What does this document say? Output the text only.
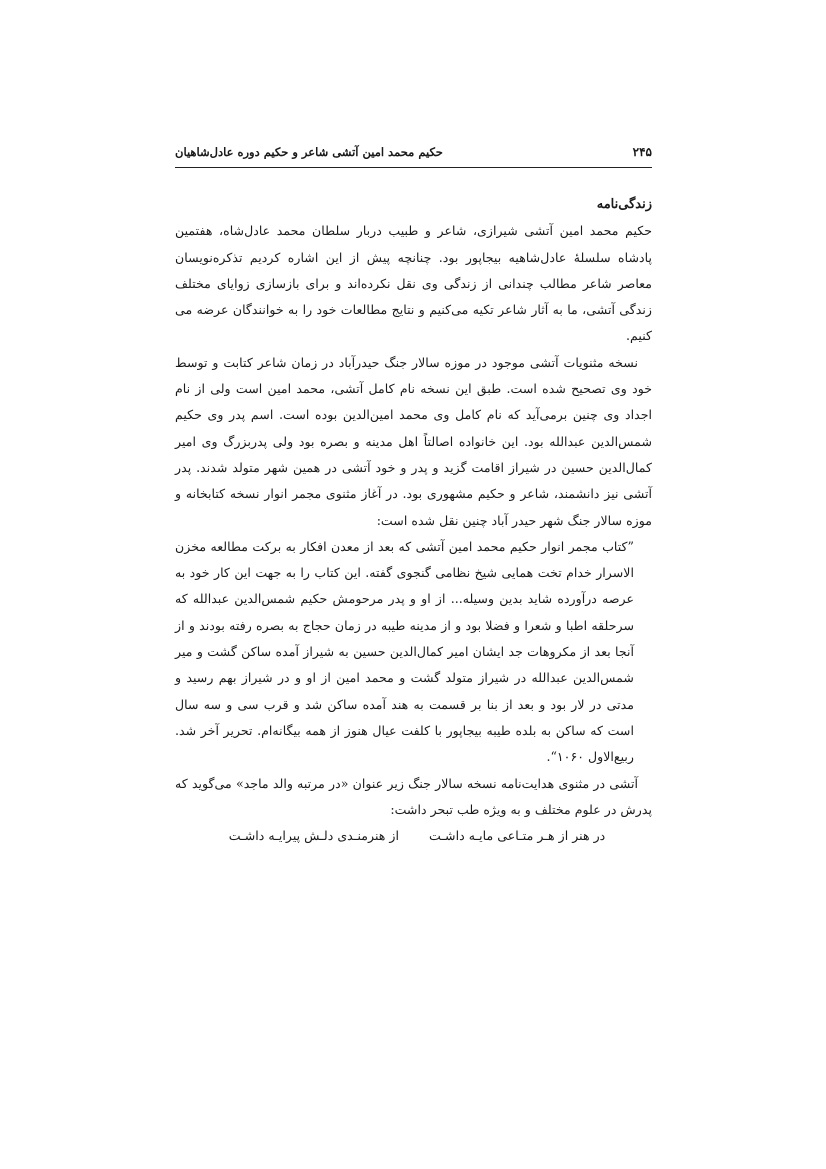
حکیم محمد امین آتشی شاعر و حکیم دوره عادل‌شاهیان	۲۴۵

زندگی‌نامه

حکیم محمد امین آتشی شیرازی، شاعر و طبیب دربار سلطان محمد عادل‌شاه، هفتمین پادشاه سلسلهٔ عادل‌شاهیه بیجاپور بود. چنانچه پیش از این اشاره کردیم تذکره‌نویسان معاصر شاعر مطالب چندانی از زندگی وی نقل نکرده‌اند و برای بازسازی زوایای مختلف زندگی آتشی، ما به آثار شاعر تکیه می‌کنیم و نتایج مطالعات خود را به خوانندگان عرضه می کنیم.

نسخه مثنویات آتشی موجود در موزه سالار جنگ حیدرآباد در زمان شاعر کتابت و توسط خود وی تصحیح شده است. طبق این نسخه نام کامل آتشی، محمد امین است ولی از نام اجداد وی چنین برمی‌آید که نام کامل وی محمد امین‌الدین بوده است. اسم پدر وی حکیم شمس‌الدین عبدالله بود. این خانواده اصالتاً اهل مدینه و بصره بود ولی پدربزرگ وی امیر کمال‌الدین حسین در شیراز اقامت گزید و پدر و خود آتشی در همین شهر متولد شدند. پدر آتشی نیز دانشمند، شاعر و حکیم مشهوری بود. در آغاز مثنوی مجمر انوار نسخه کتابخانه و موزه سالار جنگ شهر حیدر آباد چنین نقل شده است:

”کتاب مجمر انوار حکیم محمد امین آتشی که بعد از معدن افکار به برکت مطالعه مخزن الاسرار خدام تخت همایی شیخ نظامی گنجوی گفته. این کتاب را به جهت این کار خود به عرصه درآورده شاید بدین وسیله... از او و پدر مرحومش حکیم شمس‌الدین عبدالله که سرحلقه اطبا و شعرا و فضلا بود و از مدینه طیبه در زمان حجاج به بصره رفته بودند و از آنجا بعد از مکروهات جد ایشان امیر کمال‌الدین حسین به شیراز آمده ساکن گشت و میر شمس‌الدین عبدالله در شیراز متولد گشت و محمد امین از او و در شیراز بهم رسید و مدتی در لار بود و بعد از بنا بر قسمت به هند آمده ساکن شد و قرب سی و سه سال است که ساکن به بلده طیبه بیجاپور با کلفت عیال هنوز از همه بیگانه‌ام. تحریر آخر شد. ربیع‌الاول ۱۰۶۰“.

آتشی در مثنوی هدایت‌نامه نسخه سالار جنگ زیر عنوان «در مرتبه والد ماجد» می‌گوید که پدرش در علوم مختلف و به ویژه طب تبحر داشت:

در هنر از هـر متـاعی مایـه داشـت
از هنرمنـدی دلـش پیرایـه داشـت
